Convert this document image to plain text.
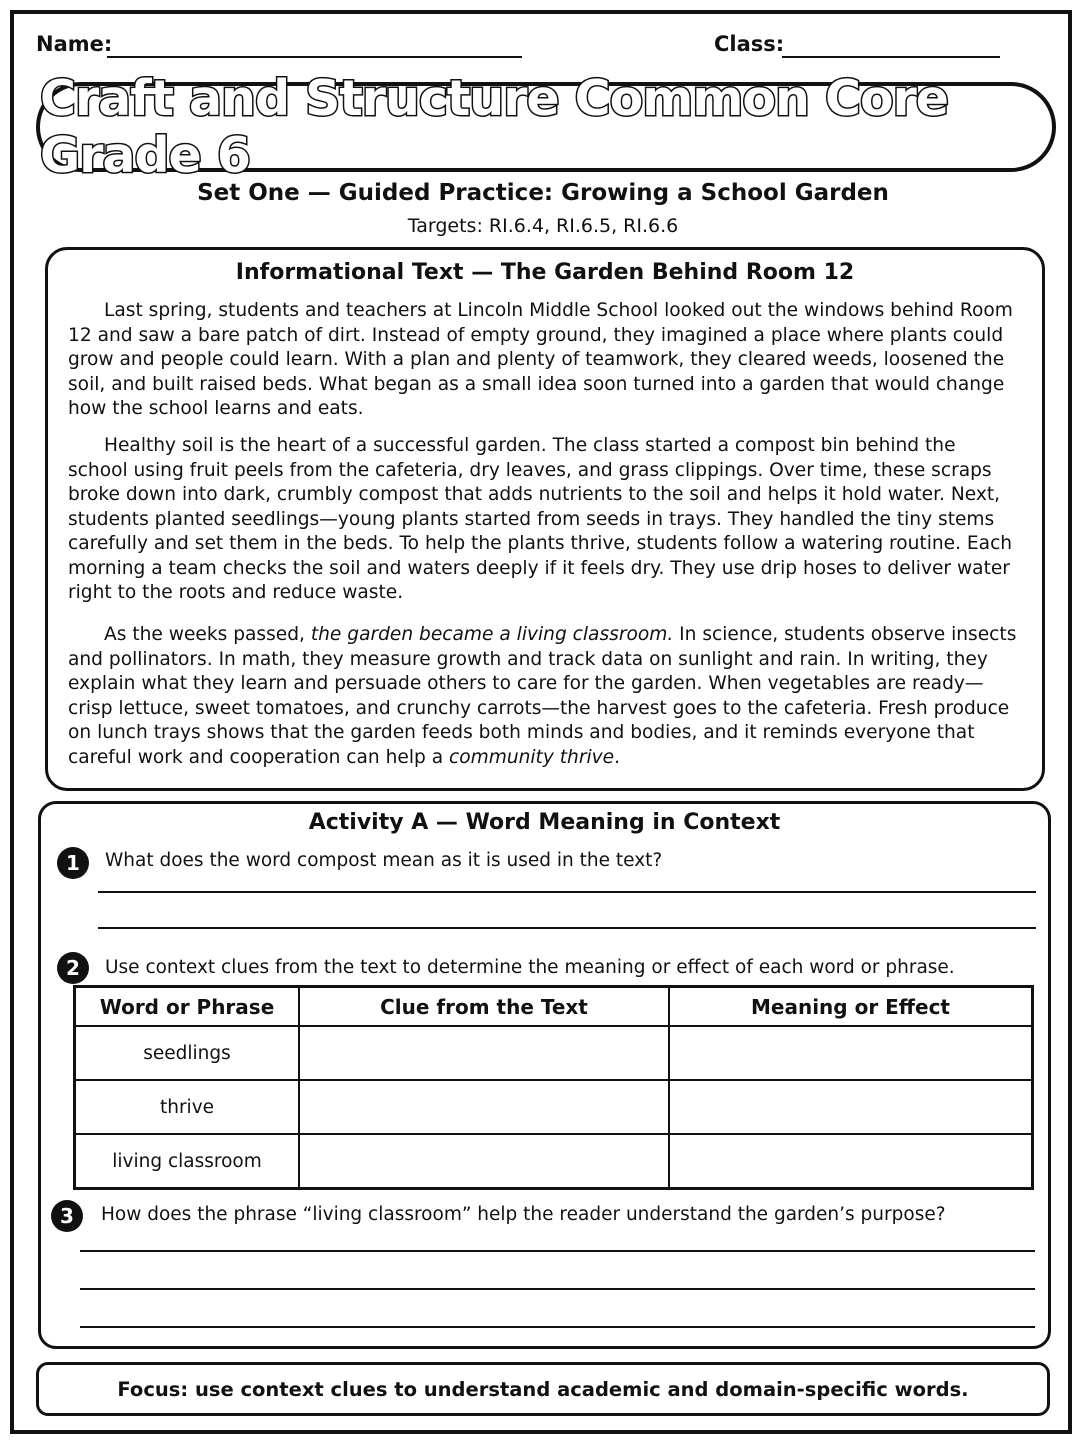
Name:	Class:
Craft and Structure Common Core Grade 6
Set One — Guided Practice: Growing a School Garden
Targets: RI.6.4, RI.6.5, RI.6.6
Informational Text — The Garden Behind Room 12

Last spring, students and teachers at Lincoln Middle School looked out the windows behind Room 12 and saw a bare patch of dirt. Instead of empty ground, they imagined a place where plants could grow and people could learn. With a plan and plenty of teamwork, they cleared weeds, loosened the soil, and built raised beds. What began as a small idea soon turned into a garden that would change how the school learns and eats.

Healthy soil is the heart of a successful garden. The class started a compost bin behind the school using fruit peels from the cafeteria, dry leaves, and grass clippings. Over time, these scraps broke down into dark, crumbly compost that adds nutrients to the soil and helps it hold water. Next, students planted seedlings—young plants started from seeds in trays. They handled the tiny stems carefully and set them in the beds. To help the plants thrive, students follow a watering routine. Each morning a team checks the soil and waters deeply if it feels dry. They use drip hoses to deliver water right to the roots and reduce waste.

As the weeks passed, the garden became a living classroom. In science, students observe insects and pollinators. In math, they measure growth and track data on sunlight and rain. In writing, they explain what they learn and persuade others to care for the garden. When vegetables are ready—crisp lettuce, sweet tomatoes, and crunchy carrots—the harvest goes to the cafeteria. Fresh produce on lunch trays shows that the garden feeds both minds and bodies, and it reminds everyone that careful work and cooperation can help a community thrive.

Activity A — Word Meaning in Context
1	What does the word compost mean as it is used in the text?
2	Use context clues from the text to determine the meaning or effect of each word or phrase.
Word or Phrase	Clue from the Text	Meaning or Effect
seedlings		
thrive		
living classroom		
3	How does the phrase “living classroom” help the reader understand the garden’s purpose?
Focus: use context clues to understand academic and domain-specific words.
